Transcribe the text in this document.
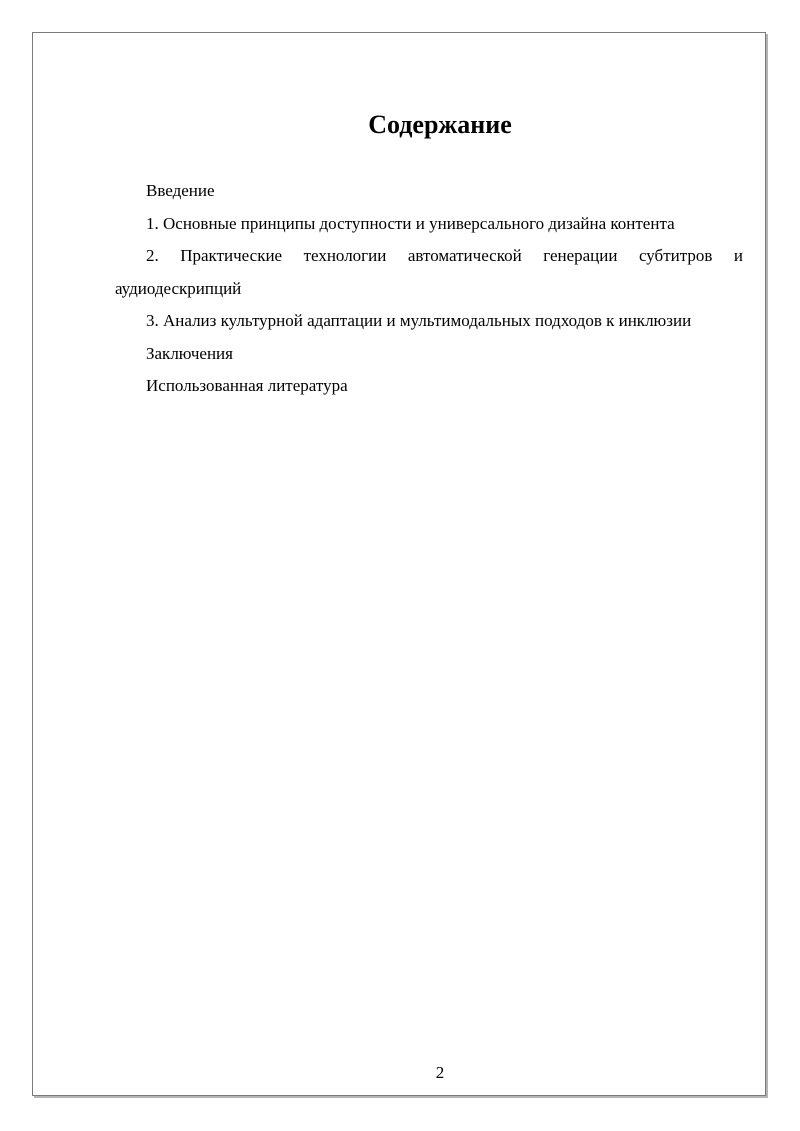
Содержание
Введение
1. Основные принципы доступности и универсального дизайна контента
2. Практические технологии автоматической генерации субтитров и аудиодескрипций
3. Анализ культурной адаптации и мультимодальных подходов к инклюзии
Заключения
Использованная литература
2
